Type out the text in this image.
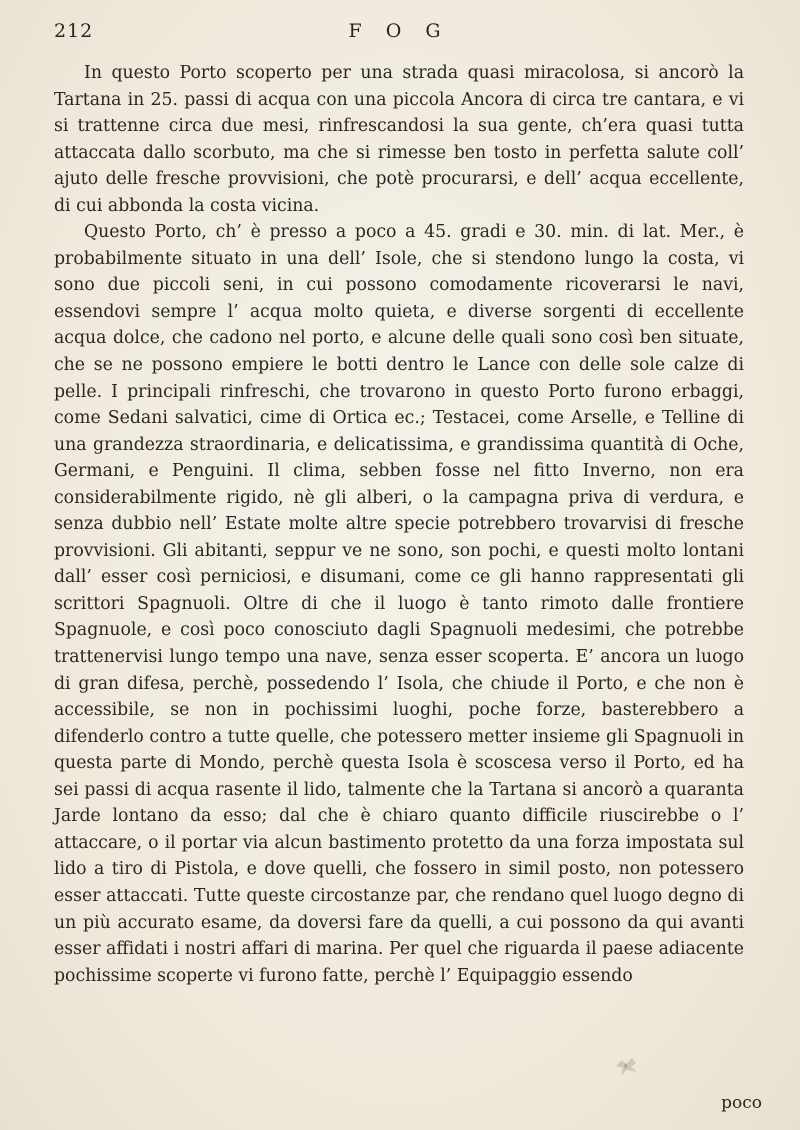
F O G
212

In questo Porto scoperto per una strada quasi miracolosa, si ancorò la Tartana in 25. passi di acqua con una piccola Ancora di circa tre cantara, e vi si trattenne circa due mesi, rinfrescandosi la sua gente, ch’era quasi tutta attaccata dallo scorbuto, ma che si rimesse ben tosto in perfetta salute coll’ ajuto delle fresche provvisioni, che potè procurarsi, e dell’ acqua eccellente, di cui abbonda la costa vicina.

Questo Porto, ch’ è presso a poco a 45. gradi e 30. min. di lat. Mer., è probabilmente situato in una dell’ Isole, che si stendono lungo la costa, vi sono due piccoli seni, in cui possono comodamente ricoverarsi le navi, essendovi sempre l’ acqua molto quieta, e diverse sorgenti di eccellente acqua dolce, che cadono nel porto, e alcune delle quali sono così ben situate, che se ne possono empiere le botti dentro le Lance con delle sole calze di pelle. I principali rinfreschi, che trovarono in questo Porto furono erbaggi, come Sedani salvatici, cime di Ortica ec.; Testacei, come Arselle, e Telline di una grandezza straordinaria, e delicatissima, e grandissima quantità di Oche, Germani, e Penguini. Il clima, sebben fosse nel fitto Inverno, non era considerabilmente rigido, nè gli alberi, o la campagna priva di verdura, e senza dubbio nell’ Estate molte altre specie potrebbero trovarvisi di fresche provvisioni. Gli abitanti, seppur ve ne sono, son pochi, e questi molto lontani dall’ esser così perniciosi, e disumani, come ce gli hanno rappresentati gli scrittori Spagnuoli. Oltre di che il luogo è tanto rimoto dalle frontiere Spagnuole, e così poco conosciuto dagli Spagnuoli medesimi, che potrebbe trattenervisi lungo tempo una nave, senza esser scoperta. E’ ancora un luogo di gran difesa, perchè, possedendo l’ Isola, che chiude il Porto, e che non è accessibile, se non in pochissimi luoghi, poche forze, basterebbero a difenderlo contro a tutte quelle, che potessero metter insieme gli Spagnuoli in questa parte di Mondo, perchè questa Isola è scoscesa verso il Porto, ed ha sei passi di acqua rasente il lido, talmente che la Tartana si ancorò a quaranta Jarde lontano da esso; dal che è chiaro quanto difficile riuscirebbe o l’ attaccare, o il portar via alcun bastimento protetto da una forza impostata sul lido a tiro di Pistola, e dove quelli, che fossero in simil posto, non potessero esser attaccati. Tutte queste circostanze par, che rendano quel luogo degno di un più accurato esame, da doversi fare da quelli, a cui possono da qui avanti esser affidati i nostri affari di marina. Per quel che riguarda il paese adiacente pochissime scoperte vi furono fatte, perchè l’ Equipaggio essendo

poco
